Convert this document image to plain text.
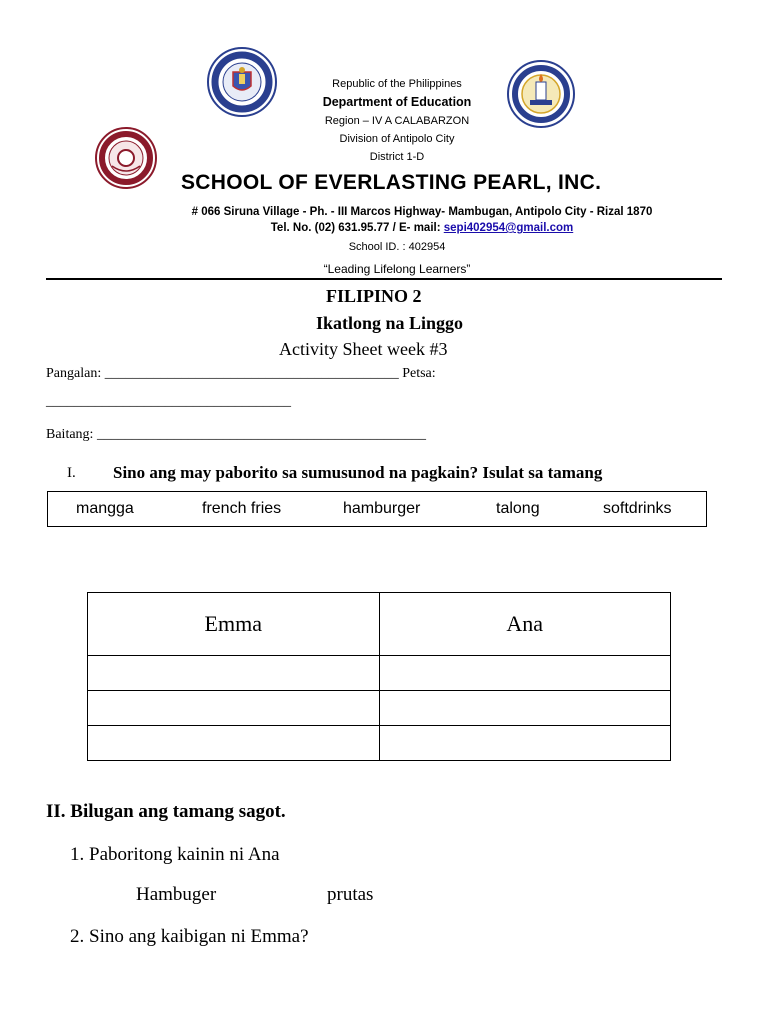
Republic of the Philippines
Department of Education
Region – IV A CALABARZON
Division of Antipolo City
District 1-D
SCHOOL OF EVERLASTING PEARL, INC.
# 066 Siruna Village - Ph. - III Marcos Highway- Mambugan, Antipolo City - Rizal 1870
Tel. No. (02) 631.95.77 / E- mail: sepi402954@gmail.com
School ID. : 402954
“Leading Lifelong Learners”
FILIPINO 2
Ikatlong na Linggo
Activity Sheet week #3
Pangalan: __________________________________________ Petsa:
___________________________________
Baitang: _______________________________________________
I. Sino ang may paborito sa sumusunod na pagkain? Isulat sa tamang
mangga	french fries	hamburger	talong	softdrinks
Emma	Ana

II. Bilugan ang tamang sagot.
1. Paboritong kainin ni Ana
Hambuger	prutas
2. Sino ang kaibigan ni Emma?
